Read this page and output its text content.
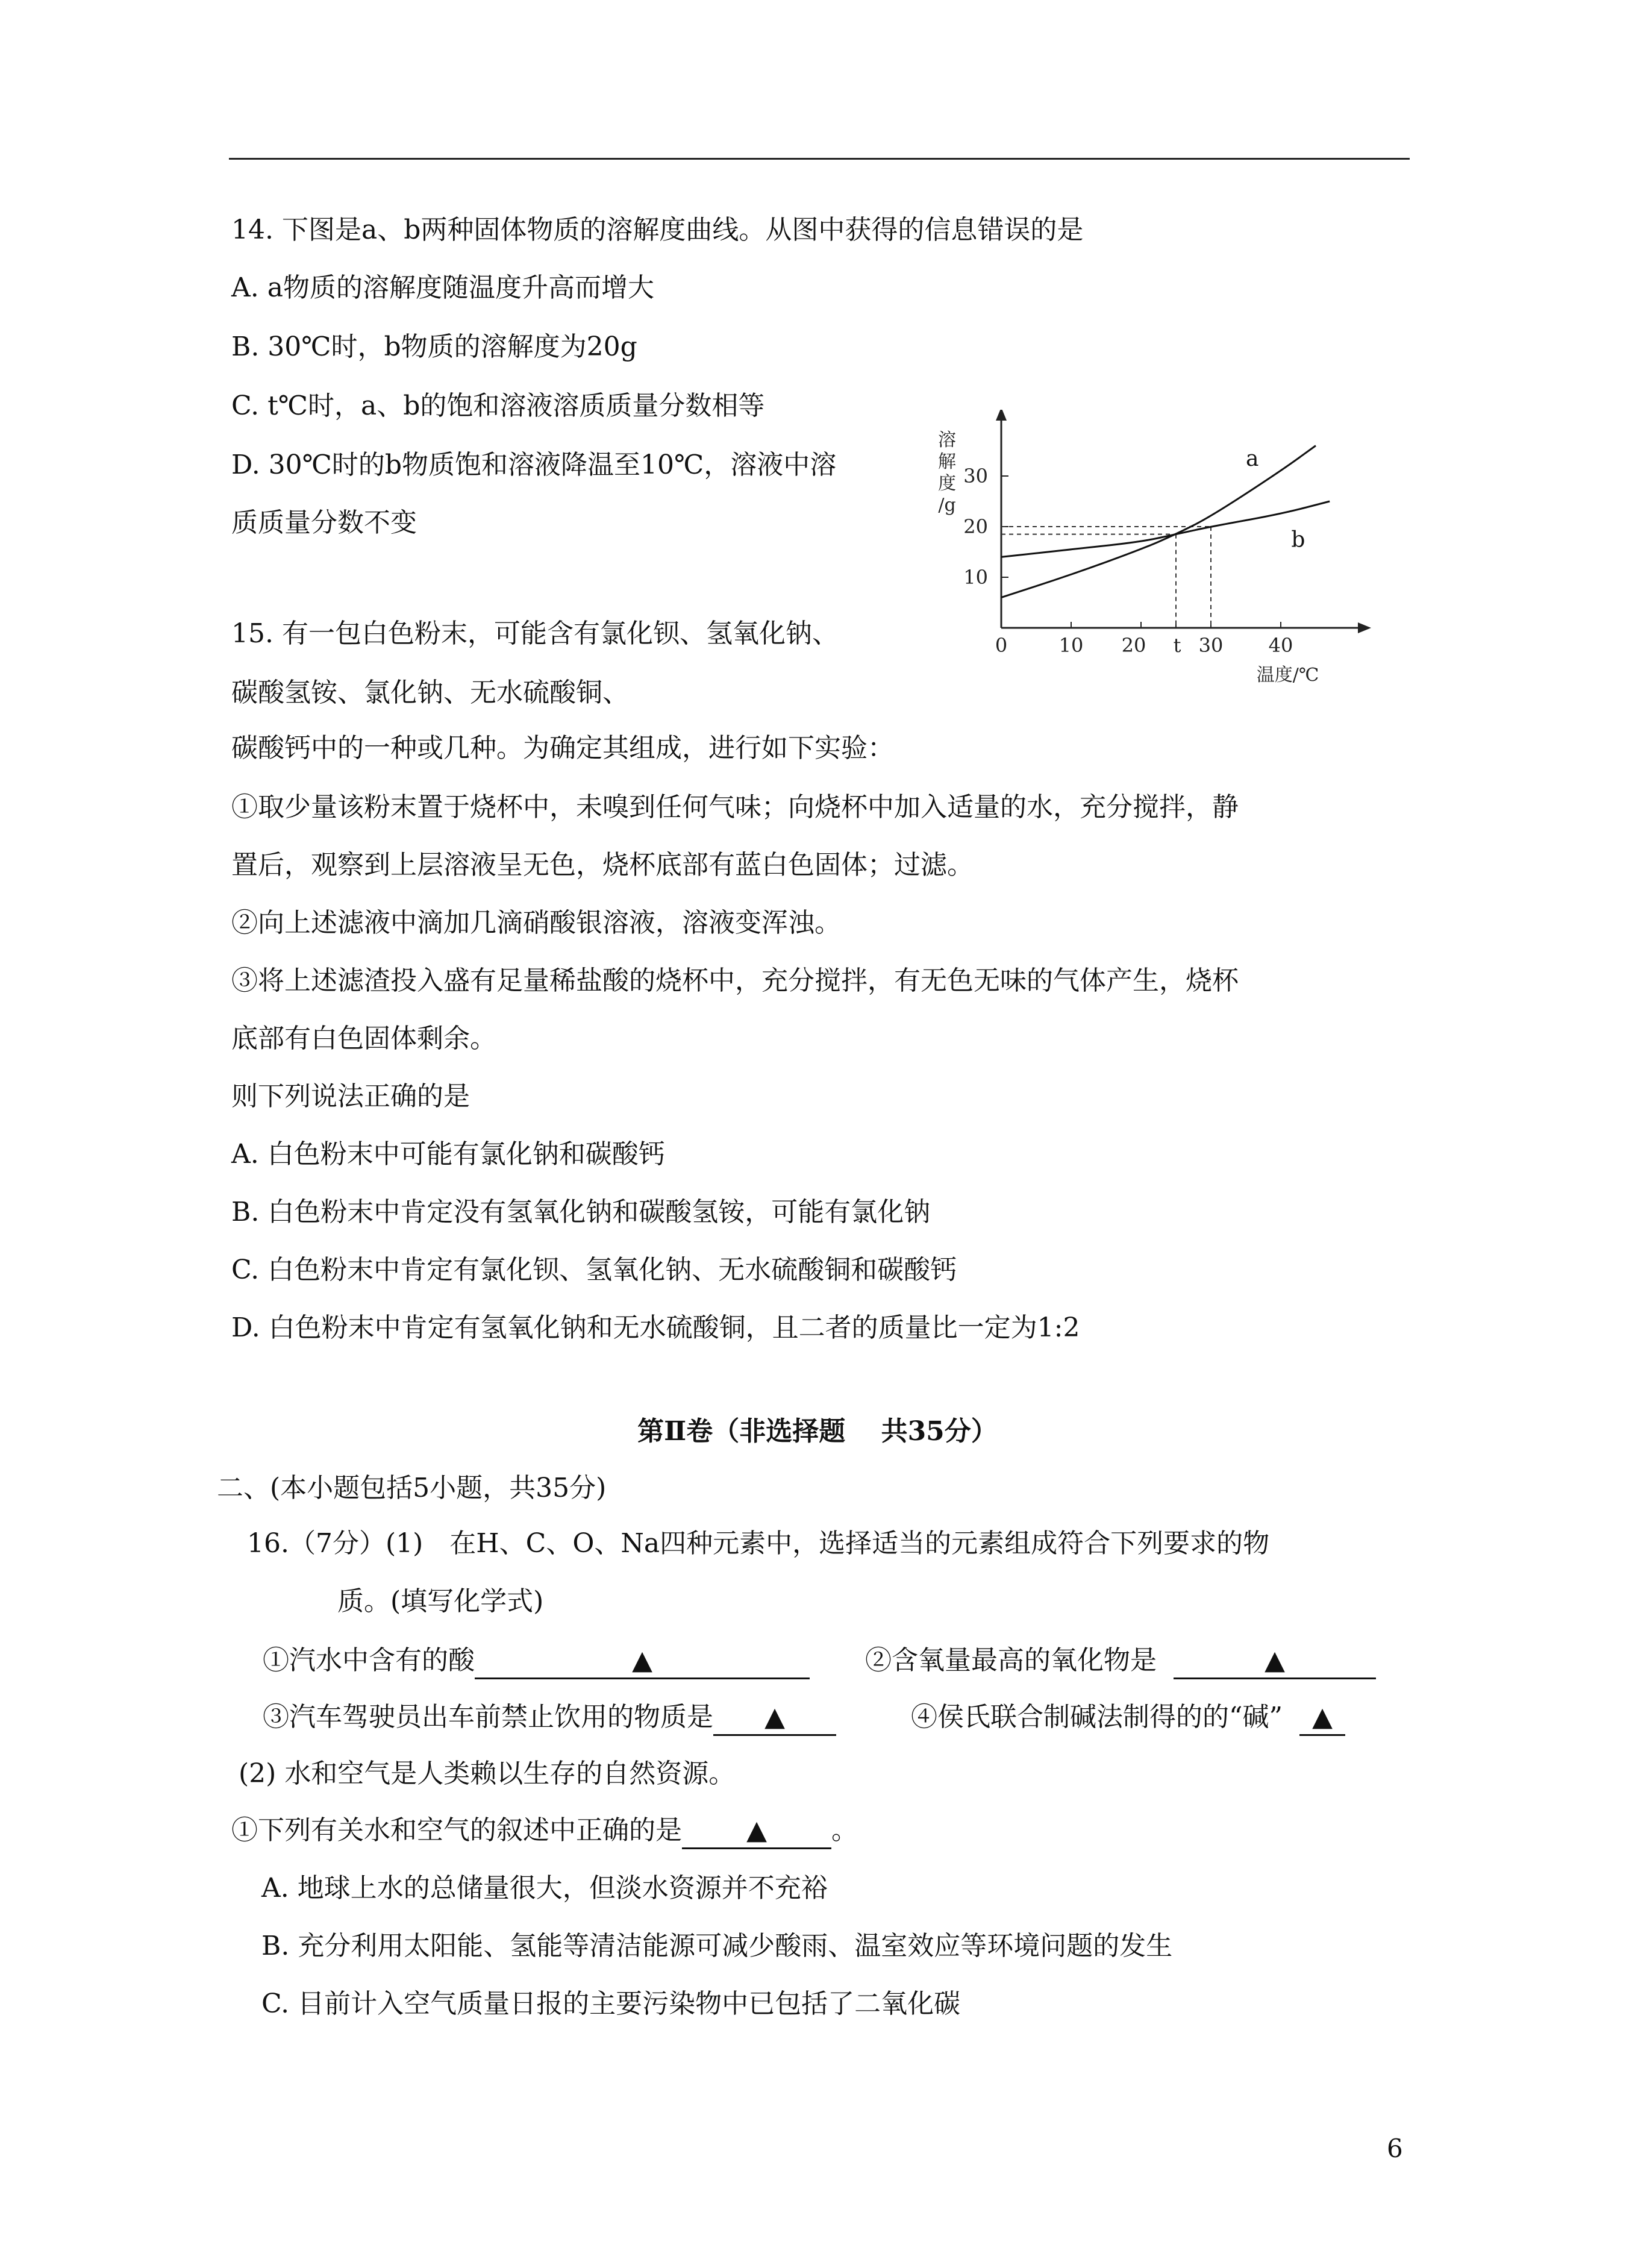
14. 下图是a、b两种固体物质的溶解度曲线。从图中获得的信息错误的是
A. a物质的溶解度随温度升高而增大
B. 30℃时，b物质的溶解度为20g
C. t℃时，a、b的饱和溶液溶质质量分数相等
D. 30℃时的b物质饱和溶液降温至10℃，溶液中溶
质质量分数不变
10
20
30
0	10 20 t 30 40
a
b
溶
解
度
/g
温度/℃
15. 有一包白色粉末，可能含有氯化钡、氢氧化钠、
碳酸氢铵、氯化钠、无水硫酸铜、
碳酸钙中的一种或几种。为确定其组成，进行如下实验：
①取少量该粉末置于烧杯中，未嗅到任何气味；向烧杯中加入适量的水，充分搅拌，静
置后，观察到上层溶液呈无色，烧杯底部有蓝白色固体；过滤。
②向上述滤液中滴加几滴硝酸银溶液，溶液变浑浊。
③将上述滤渣投入盛有足量稀盐酸的烧杯中，充分搅拌，有无色无味的气体产生，烧杯
底部有白色固体剩余。
则下列说法正确的是
A. 白色粉末中可能有氯化钠和碳酸钙
B. 白色粉末中肯定没有氢氧化钠和碳酸氢铵，可能有氯化钠
C. 白色粉末中肯定有氯化钡、氢氧化钠、无水硫酸铜和碳酸钙
D. 白色粉末中肯定有氢氧化钠和无水硫酸铜，且二者的质量比一定为1:2
第Ⅱ卷（非选择题　 共35分）
二、(本小题包括5小题，共35分)
16.（7分）(1)　在H、C、O、Na四种元素中，选择适当的元素组成符合下列要求的物
质。(填写化学式)
①汽水中含有的酸	▲	②含氧量最高的氧化物是	▲
③汽车驾驶员出车前禁止饮用的物质是 ▲	④侯氏联合制碱法制得的的“碱” ▲
(2) 水和空气是人类赖以生存的自然资源。
①下列有关水和空气的叙述中正确的是 ▲ 。
A. 地球上水的总储量很大，但淡水资源并不充裕
B. 充分利用太阳能、氢能等清洁能源可减少酸雨、温室效应等环境问题的发生
C. 目前计入空气质量日报的主要污染物中已包括了二氧化碳
6
